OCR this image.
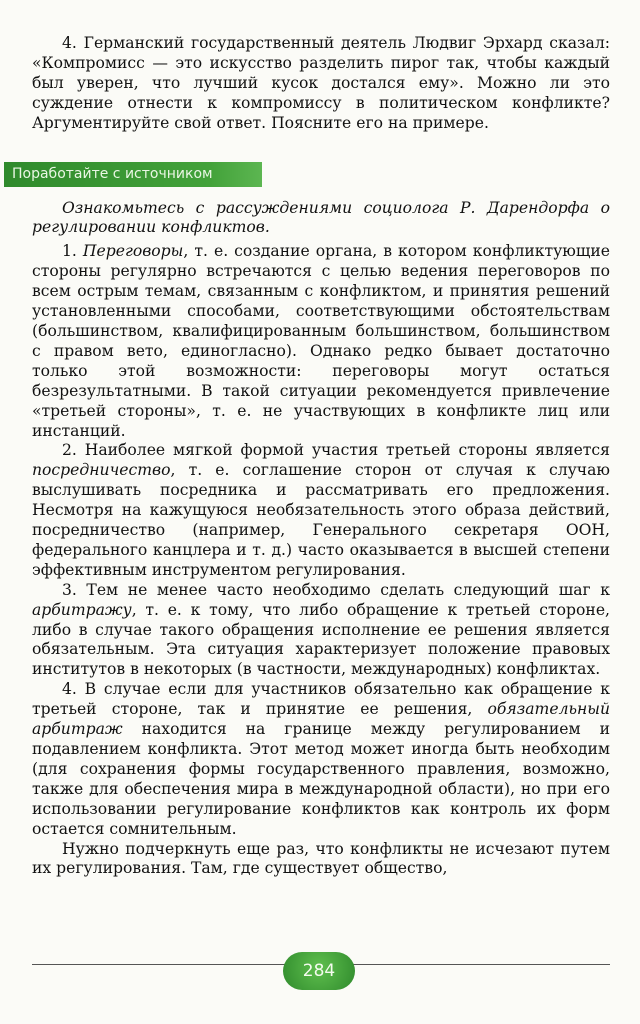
4. Германский государственный деятель Людвиг Эрхард сказал: «Компромисс — это искусство разделить пирог так, чтобы каждый был уверен, что лучший кусок достался ему». Можно ли это суждение отнести к компромиссу в политическом конфликте? Аргументируйте свой ответ. Поясните его на примере.

Поработайте с источником

Ознакомьтесь с рассуждениями социолога Р. Дарендорфа о регулировании конфликтов.

1. Переговоры, т. е. создание органа, в котором конфликтующие стороны регулярно встречаются с целью ведения переговоров по всем острым темам, связанным с конфликтом, и принятия решений установленными способами, соответствующими обстоятельствам (большинством, квалифицированным большинством, большинством с правом вето, единогласно). Однако редко бывает достаточно только этой возможности: переговоры могут остаться безрезультатными. В такой ситуации рекомендуется привлечение «третьей стороны», т. е. не участвующих в конфликте лиц или инстанций.

2. Наиболее мягкой формой участия третьей стороны является посредничество, т. е. соглашение сторон от случая к случаю выслушивать посредника и рассматривать его предложения. Несмотря на кажущуюся необязательность этого образа действий, посредничество (например, Генерального секретаря ООН, федерального канцлера и т. д.) часто оказывается в высшей степени эффективным инструментом регулирования.

3. Тем не менее часто необходимо сделать следующий шаг к арбитражу, т. е. к тому, что либо обращение к третьей стороне, либо в случае такого обращения исполнение ее решения является обязательным. Эта ситуация характеризует положение правовых институтов в некоторых (в частности, международных) конфликтах.

4. В случае если для участников обязательно как обращение к третьей стороне, так и принятие ее решения, обязательный арбитраж находится на границе между регулированием и подавлением конфликта. Этот метод может иногда быть необходим (для сохранения формы государственного правления, возможно, также для обеспечения мира в международной области), но при его использовании регулирование конфликтов как контроль их форм остается сомнительным.

Нужно подчеркнуть еще раз, что конфликты не исчезают путем их регулирования. Там, где существует общество,

284
